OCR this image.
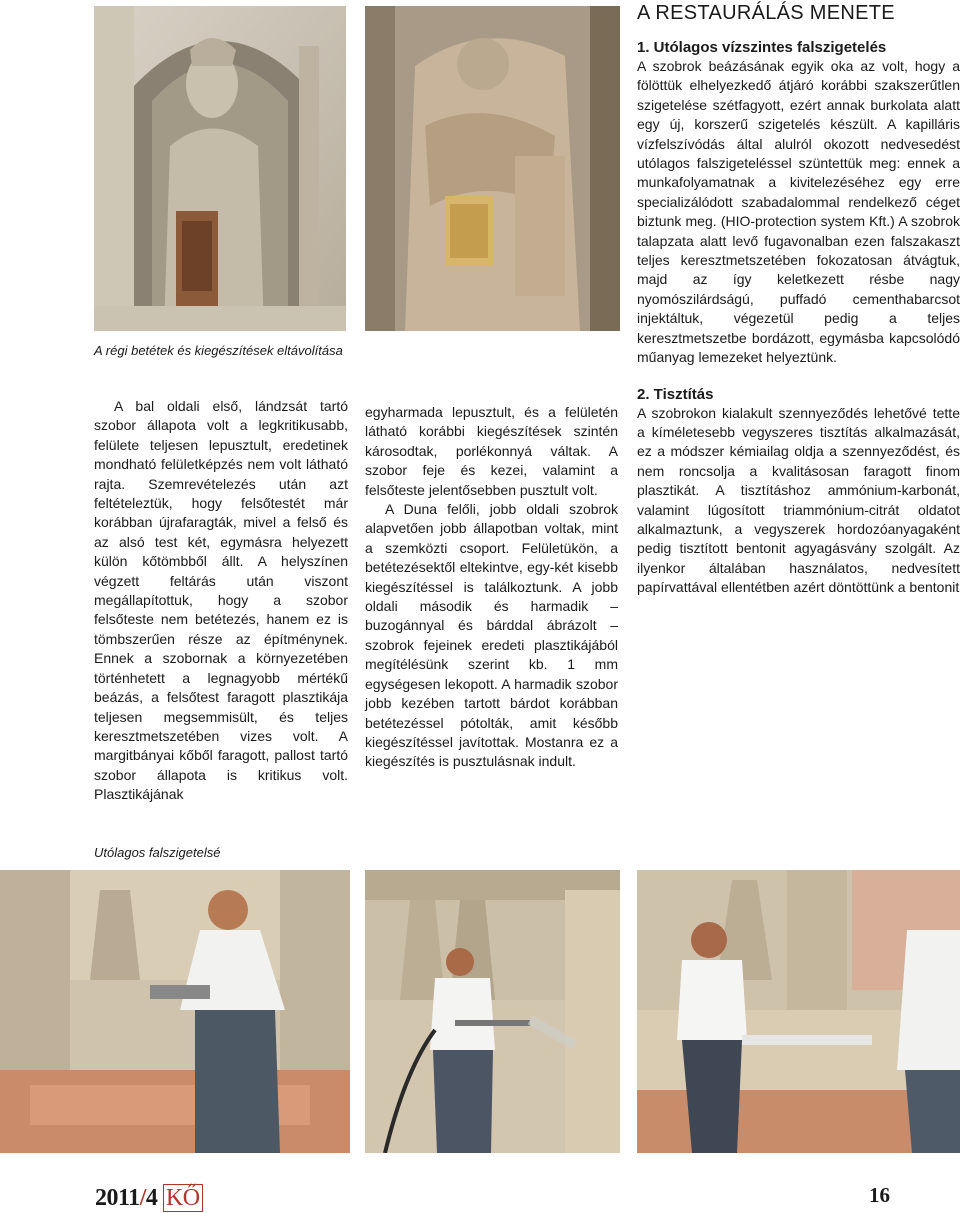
A régi betétek és kiegészítések eltávolítása

A bal oldali első, lándzsát tartó szobor állapota volt a legkritikusabb, felülete teljesen lepusztult, eredetinek mondható felületképzés nem volt látható rajta. Szemrevételezés után azt feltételeztük, hogy felsőtestét már korábban újrafaragták, mivel a felső és az alsó test két, egymásra helyezett külön kőtömbből állt. A helyszínen végzett feltárás után viszont megállapítottuk, hogy a szobor felsőteste nem betétezés, hanem ez is tömbszerűen része az építménynek. Ennek a szobornak a környezetében történhetett a legnagyobb mértékű beázás, a felsőtest faragott plasztikája teljesen megsemmisült, és teljes keresztmetszetében vizes volt. A margitbányai kőből faragott, pallost tartó szobor állapota is kritikus volt. Plasztikájának

egyharmada lepusztult, és a felületén látható korábbi kiegészítések szintén károsodtak, porlékonnyá váltak. A szobor feje és kezei, valamint a felsőteste jelentősebben pusztult volt.

A Duna felőli, jobb oldali szobrok alapvetően jobb állapotban voltak, mint a szemközti csoport. Felületükön, a betétezésektől eltekintve, egy-két kisebb kiegészítéssel is találkoztunk. A jobb oldali második és harmadik – buzogánnyal és bárddal ábrázolt – szobrok fejeinek eredeti plasztikájából megítélésünk szerint kb. 1 mm egységesen lekopott. A harmadik szobor jobb kezében tartott bárdot korábban betétezéssel pótolták, amit később kiegészítéssel javítottak. Mostanra ez a kiegészítés is pusztulásnak indult.

A RESTAURÁLÁS MENETE
1. Utólagos vízszintes falszigetelés

A szobrok beázásának egyik oka az volt, hogy a fölöttük elhelyezkedő átjáró korábbi szakszerűtlen szigetelése szétfagyott, ezért annak burkolata alatt egy új, korszerű szigetelés készült. A kapilláris vízfelszívódás által alulról okozott nedvesedést utólagos falszigeteléssel szüntettük meg: ennek a munkafolyamatnak a kivitelezéséhez egy erre specializálódott szabadalommal rendelkező céget biztunk meg. (HIO-protection system Kft.) A szobrok talapzata alatt levő fugavonalban ezen falszakaszt teljes keresztmetszetében fokozatosan átvágtuk, majd az így keletkezett résbe nagy nyomószilárdságú, puffadó cementhabarcsot injektáltuk, végezetül pedig a teljes keresztmetszetbe bordázott, egymásba kapcsolódó műanyag lemezeket helyeztünk.

2. Tisztítás

A szobrokon kialakult szennyeződés lehetővé tette a kíméletesebb vegyszeres tisztítás alkalmazását, ez a módszer kémiailag oldja a szennyeződést, és nem roncsolja a kvalitásosan faragott finom plasztikát. A tisztításhoz ammónium-karbonát, valamint lúgosított triammónium-citrát oldatot alkalmaztunk, a vegyszerek hordozóanyagaként pedig tisztított bentonit agyagásvány szolgált. Az ilyenkor általában használatos, nedvesített papírvattával ellentétben azért döntöttünk a bentonit

Utólagos falszigetelsé
2011/4 KŐ	16
